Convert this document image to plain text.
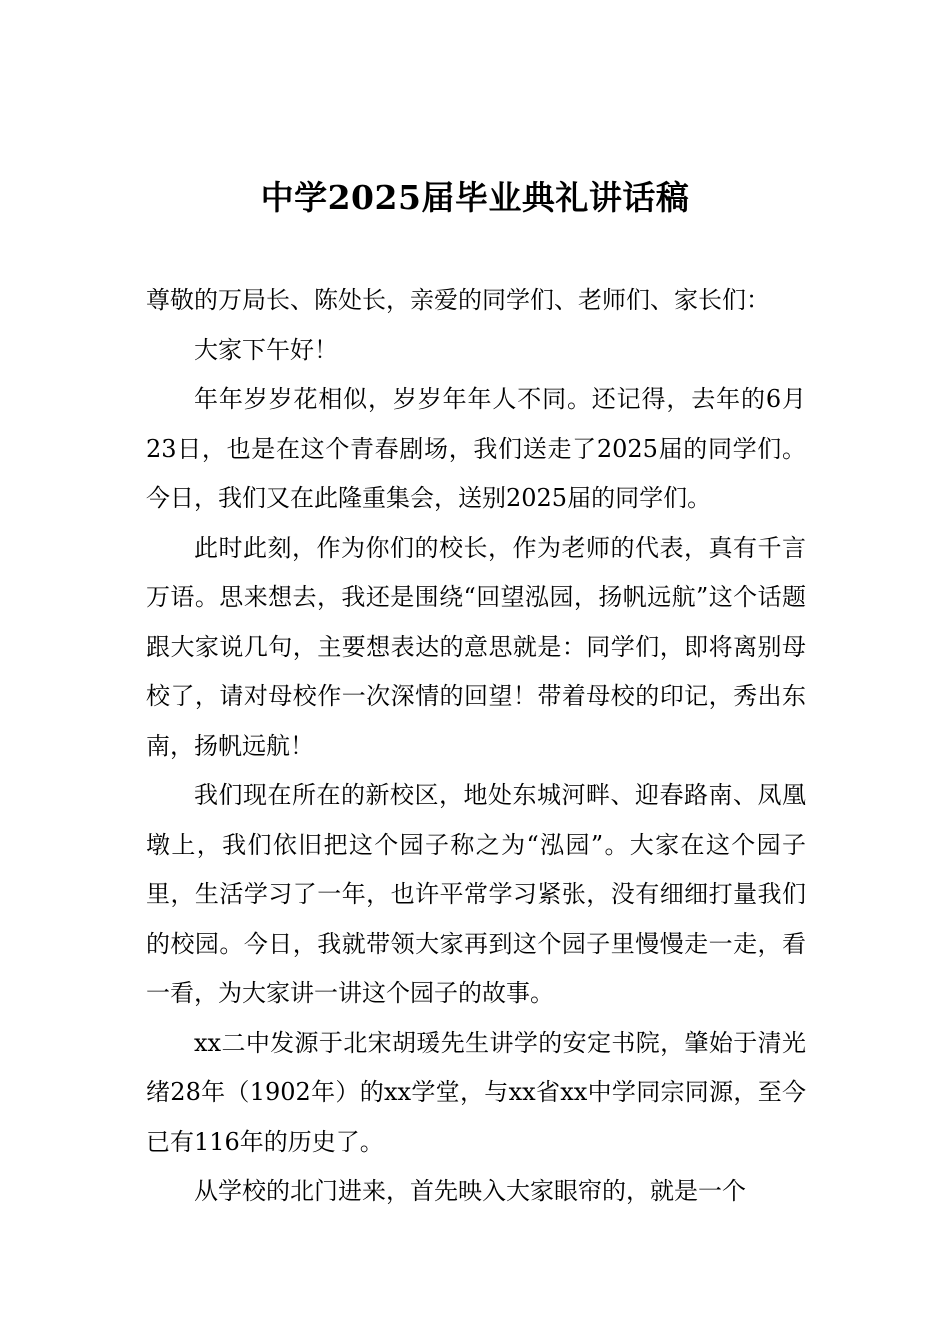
中学2025届毕业典礼讲话稿

尊敬的万局长、陈处长，亲爱的同学们、老师们、家长们：

大家下午好！

年年岁岁花相似，岁岁年年人不同。还记得，去年的6月23日，也是在这个青春剧场，我们送走了2025届的同学们。今日，我们又在此隆重集会，送别2025届的同学们。

此时此刻，作为你们的校长，作为老师的代表，真有千言万语。思来想去，我还是围绕“回望泓园，扬帆远航”这个话题跟大家说几句，主要想表达的意思就是：同学们，即将离别母校了，请对母校作一次深情的回望！带着母校的印记，秀出东南，扬帆远航！

我们现在所在的新校区，地处东城河畔、迎春路南、凤凰墩上，我们依旧把这个园子称之为“泓园”。大家在这个园子里，生活学习了一年，也许平常学习紧张，没有细细打量我们的校园。今日，我就带领大家再到这个园子里慢慢走一走，看一看，为大家讲一讲这个园子的故事。

xx二中发源于北宋胡瑗先生讲学的安定书院，肇始于清光绪28年（1902年）的xx学堂，与xx省xx中学同宗同源，至今已有116年的历史了。

从学校的北门进来，首先映入大家眼帘的，就是一个
